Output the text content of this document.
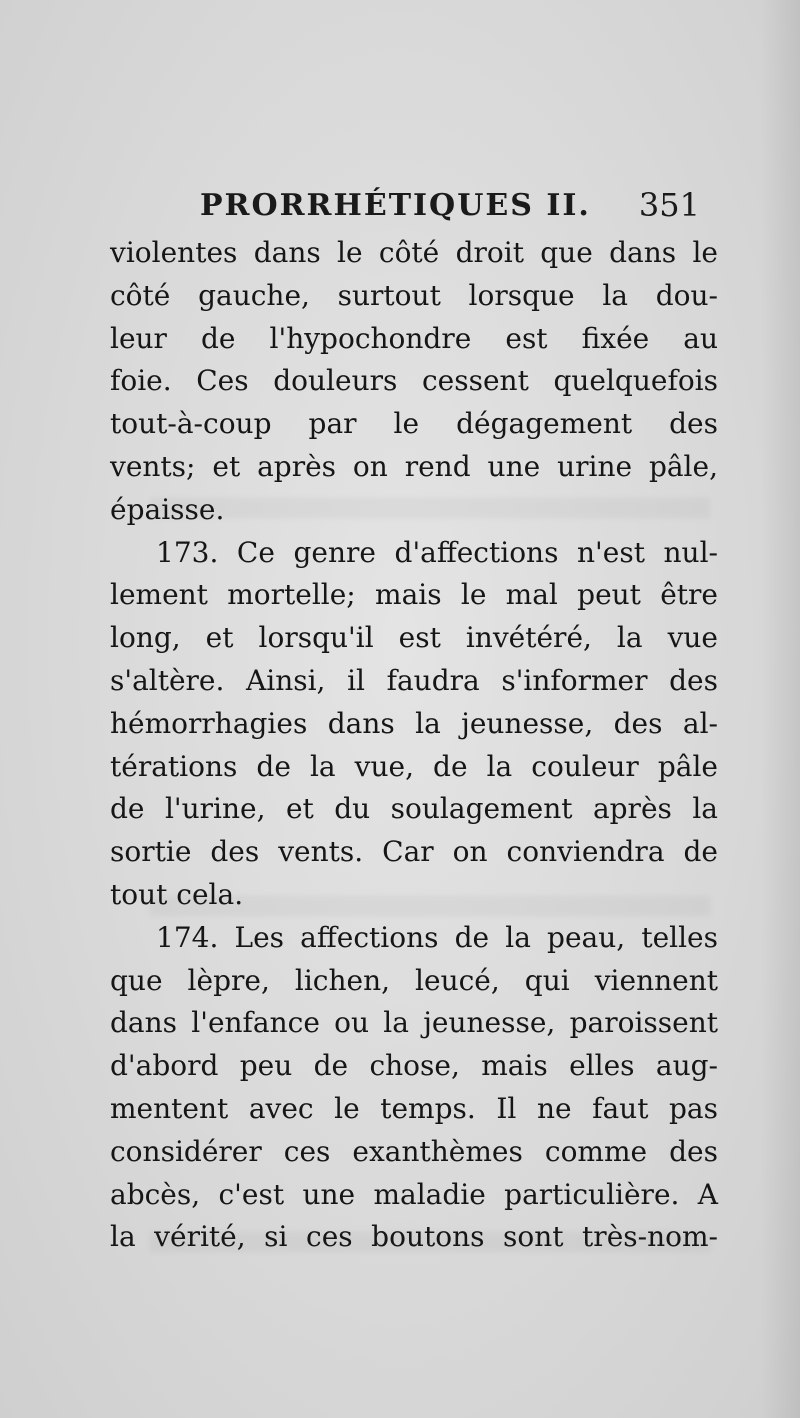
PRORRHÉTIQUES II. 351
violentes dans le côté droit que dans le
côté gauche, surtout lorsque la dou-
leur de l'hypochondre est fixée au
foie. Ces douleurs cessent quelquefois
tout-à-coup par le dégagement des
vents; et après on rend une urine pâle,
épaisse.
173. Ce genre d'affections n'est nul-
lement mortelle; mais le mal peut être
long, et lorsqu'il est invétéré, la vue
s'altère. Ainsi, il faudra s'informer des
hémorrhagies dans la jeunesse, des al-
térations de la vue, de la couleur pâle
de l'urine, et du soulagement après la
sortie des vents. Car on conviendra de
tout cela.
174. Les affections de la peau, telles
que lèpre, lichen, leucé, qui viennent
dans l'enfance ou la jeunesse, paroissent
d'abord peu de chose, mais elles aug-
mentent avec le temps. Il ne faut pas
considérer ces exanthèmes comme des
abcès, c'est une maladie particulière. A
la vérité, si ces boutons sont très-nom-
